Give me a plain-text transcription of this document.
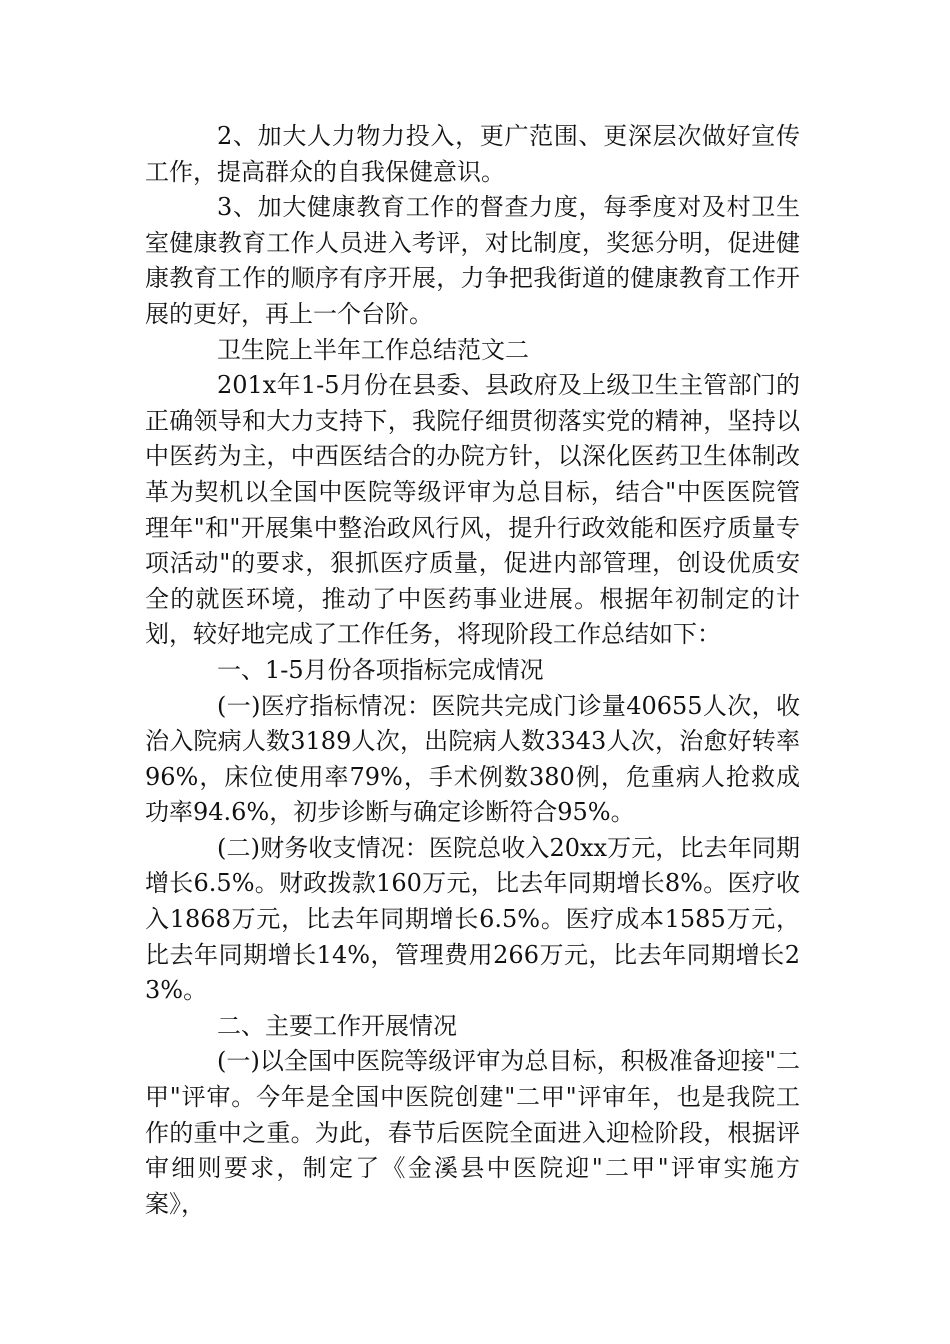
2、加大人力物力投入，更广范围、更深层次做好宣传工作，提高群众的自我保健意识。

3、加大健康教育工作的督查力度，每季度对及村卫生室健康教育工作人员进入考评，对比制度，奖惩分明，促进健康教育工作的顺序有序开展，力争把我街道的健康教育工作开展的更好，再上一个台阶。

卫生院上半年工作总结范文二

201x年1-5月份在县委、县政府及上级卫生主管部门的正确领导和大力支持下，我院仔细贯彻落实党的精神，坚持以中医药为主，中西医结合的办院方针，以深化医药卫生体制改革为契机以全国中医院等级评审为总目标，结合"中医医院管理年"和"开展集中整治政风行风，提升行政效能和医疗质量专项活动"的要求，狠抓医疗质量，促进内部管理，创设优质安全的就医环境，推动了中医药事业进展。根据年初制定的计划，较好地完成了工作任务，将现阶段工作总结如下：

一、1-5月份各项指标完成情况

(一)医疗指标情况：医院共完成门诊量40655人次，收治入院病人数3189人次，出院病人数3343人次，治愈好转率96%，床位使用率79%，手术例数380例，危重病人抢救成功率94.6%，初步诊断与确定诊断符合95%。

(二)财务收支情况：医院总收入20xx万元，比去年同期增长6.5%。财政拨款160万元，比去年同期增长8%。医疗收入1868万元，比去年同期增长6.5%。医疗成本1585万元，比去年同期增长14%，管理费用266万元，比去年同期增长23%。

二、主要工作开展情况

(一)以全国中医院等级评审为总目标，积极准备迎接"二甲"评审。今年是全国中医院创建"二甲"评审年，也是我院工作的重中之重。为此，春节后医院全面进入迎检阶段，根据评审细则要求，制定了《金溪县中医院迎"二甲"评审实施方案》，
